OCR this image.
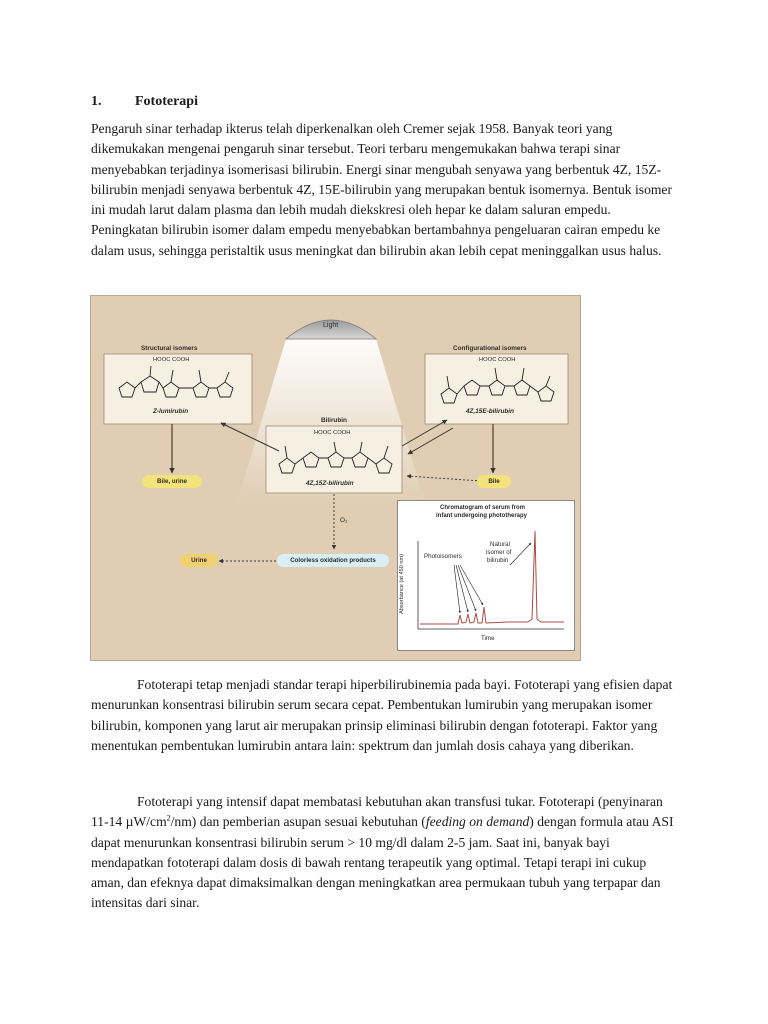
1. Fototerapi

Pengaruh sinar terhadap ikterus telah diperkenalkan oleh Cremer sejak 1958. Banyak teori yang dikemukakan mengenai pengaruh sinar tersebut. Teori terbaru mengemukakan bahwa terapi sinar menyebabkan terjadinya isomerisasi bilirubin. Energi sinar mengubah senyawa yang berbentuk 4Z, 15Z-bilirubin menjadi senyawa berbentuk 4Z, 15E-bilirubin yang merupakan bentuk isomernya. Bentuk isomer ini mudah larut dalam plasma dan lebih mudah diekskresi oleh hepar ke dalam saluran empedu. Peningkatan bilirubin isomer dalam empedu menyebabkan bertambahnya pengeluaran cairan empedu ke dalam usus, sehingga peristaltik usus meningkat dan bilirubin akan lebih cepat meninggalkan usus halus.

Light
Structural isomers
HOOC COOH
Z-lumirubin
Configurational isomers
HOOC COOH
4Z,15E-bilirubin
Bilirubin
HOOC COOH
4Z,15Z-bilirubin
Bile, urine	Bile
O₂
Urine	Colorless oxidation products
Chromatogram of serum from
infant undergoing phototherapy
Photoisomers
Natural
isomer of
bilirubin
Absorbance (at 450 nm)
Time

Fototerapi tetap menjadi standar terapi hiperbilirubinemia pada bayi. Fototerapi yang efisien dapat menurunkan konsentrasi bilirubin serum secara cepat. Pembentukan lumirubin yang merupakan isomer bilirubin, komponen yang larut air merupakan prinsip eliminasi bilirubin dengan fototerapi. Faktor yang menentukan pembentukan lumirubin antara lain: spektrum dan jumlah dosis cahaya yang diberikan.

Fototerapi yang intensif dapat membatasi kebutuhan akan transfusi tukar. Fototerapi (penyinaran 11-14 $\mu W/cm^2/nm$) dan pemberian asupan sesuai kebutuhan (feeding on demand) dengan formula atau ASI dapat menurunkan konsentrasi bilirubin serum > 10 mg/dl dalam 2-5 jam. Saat ini, banyak bayi mendapatkan fototerapi dalam dosis di bawah rentang terapeutik yang optimal. Tetapi terapi ini cukup aman, dan efeknya dapat dimaksimalkan dengan meningkatkan area permukaan tubuh yang terpapar dan intensitas dari sinar.
